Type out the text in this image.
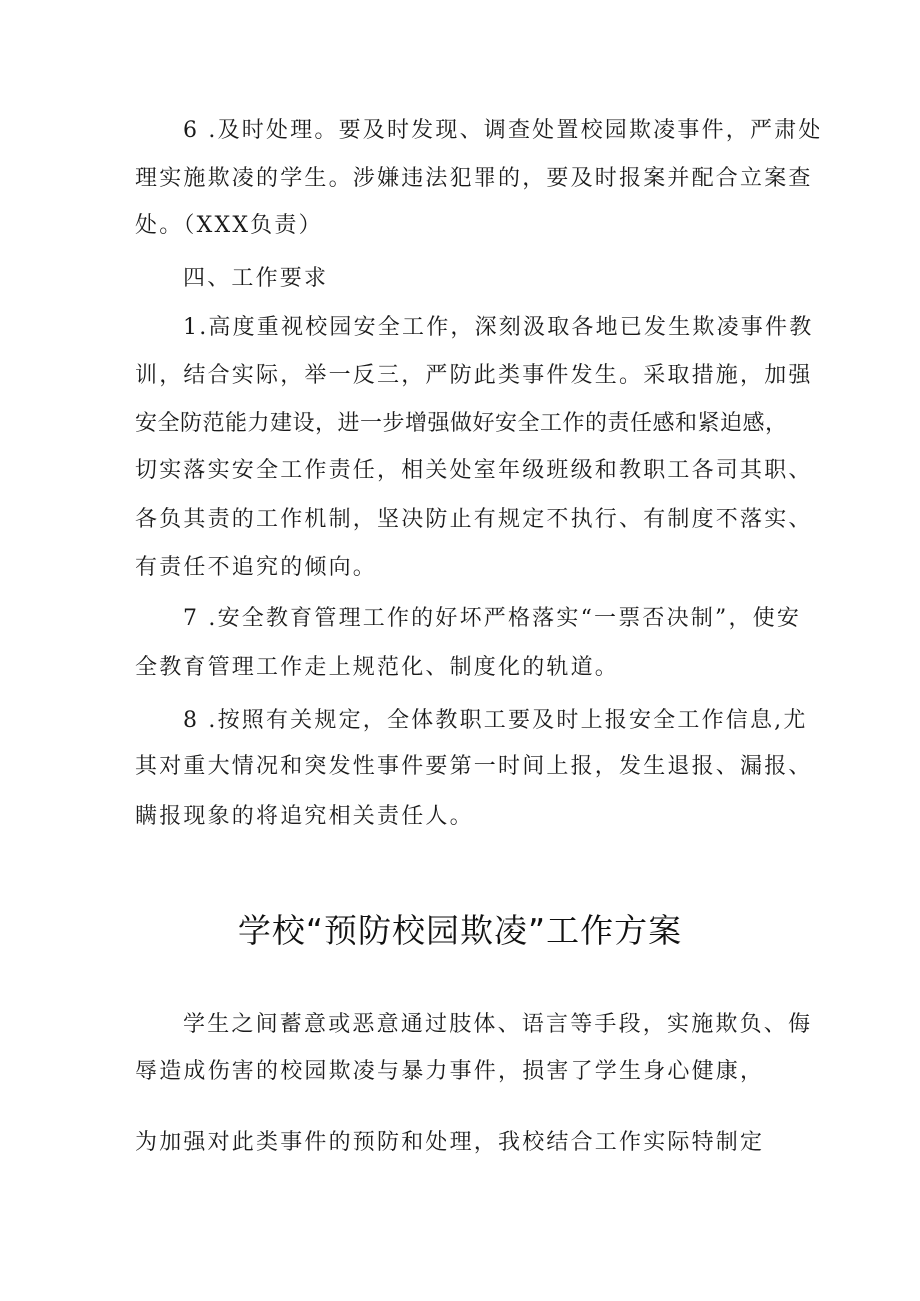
6 .及时处理。要及时发现、调查处置校园欺凌事件，严肃处
理实施欺凌的学生。涉嫌违法犯罪的，要及时报案并配合立案查
处。（XXX负责）
四、工作要求
1.高度重视校园安全工作，深刻汲取各地已发生欺凌事件教
训，结合实际，举一反三，严防此类事件发生。采取措施，加强
安全防范能力建设，进一步增强做好安全工作的责任感和紧迫感，
切实落实安全工作责任，相关处室年级班级和教职工各司其职、
各负其责的工作机制，坚决防止有规定不执行、有制度不落实、
有责任不追究的倾向。
7 .安全教育管理工作的好坏严格落实“一票否决制”，使安
全教育管理工作走上规范化、制度化的轨道。
8 .按照有关规定，全体教职工要及时上报安全工作信息,尤
其对重大情况和突发性事件要第一时间上报，发生退报、漏报、
瞒报现象的将追究相关责任人。
学校“预防校园欺凌”工作方案
学生之间蓄意或恶意通过肢体、语言等手段，实施欺负、侮
辱造成伤害的校园欺凌与暴力事件，损害了学生身心健康，
为加强对此类事件的预防和处理，我校结合工作实际特制定
